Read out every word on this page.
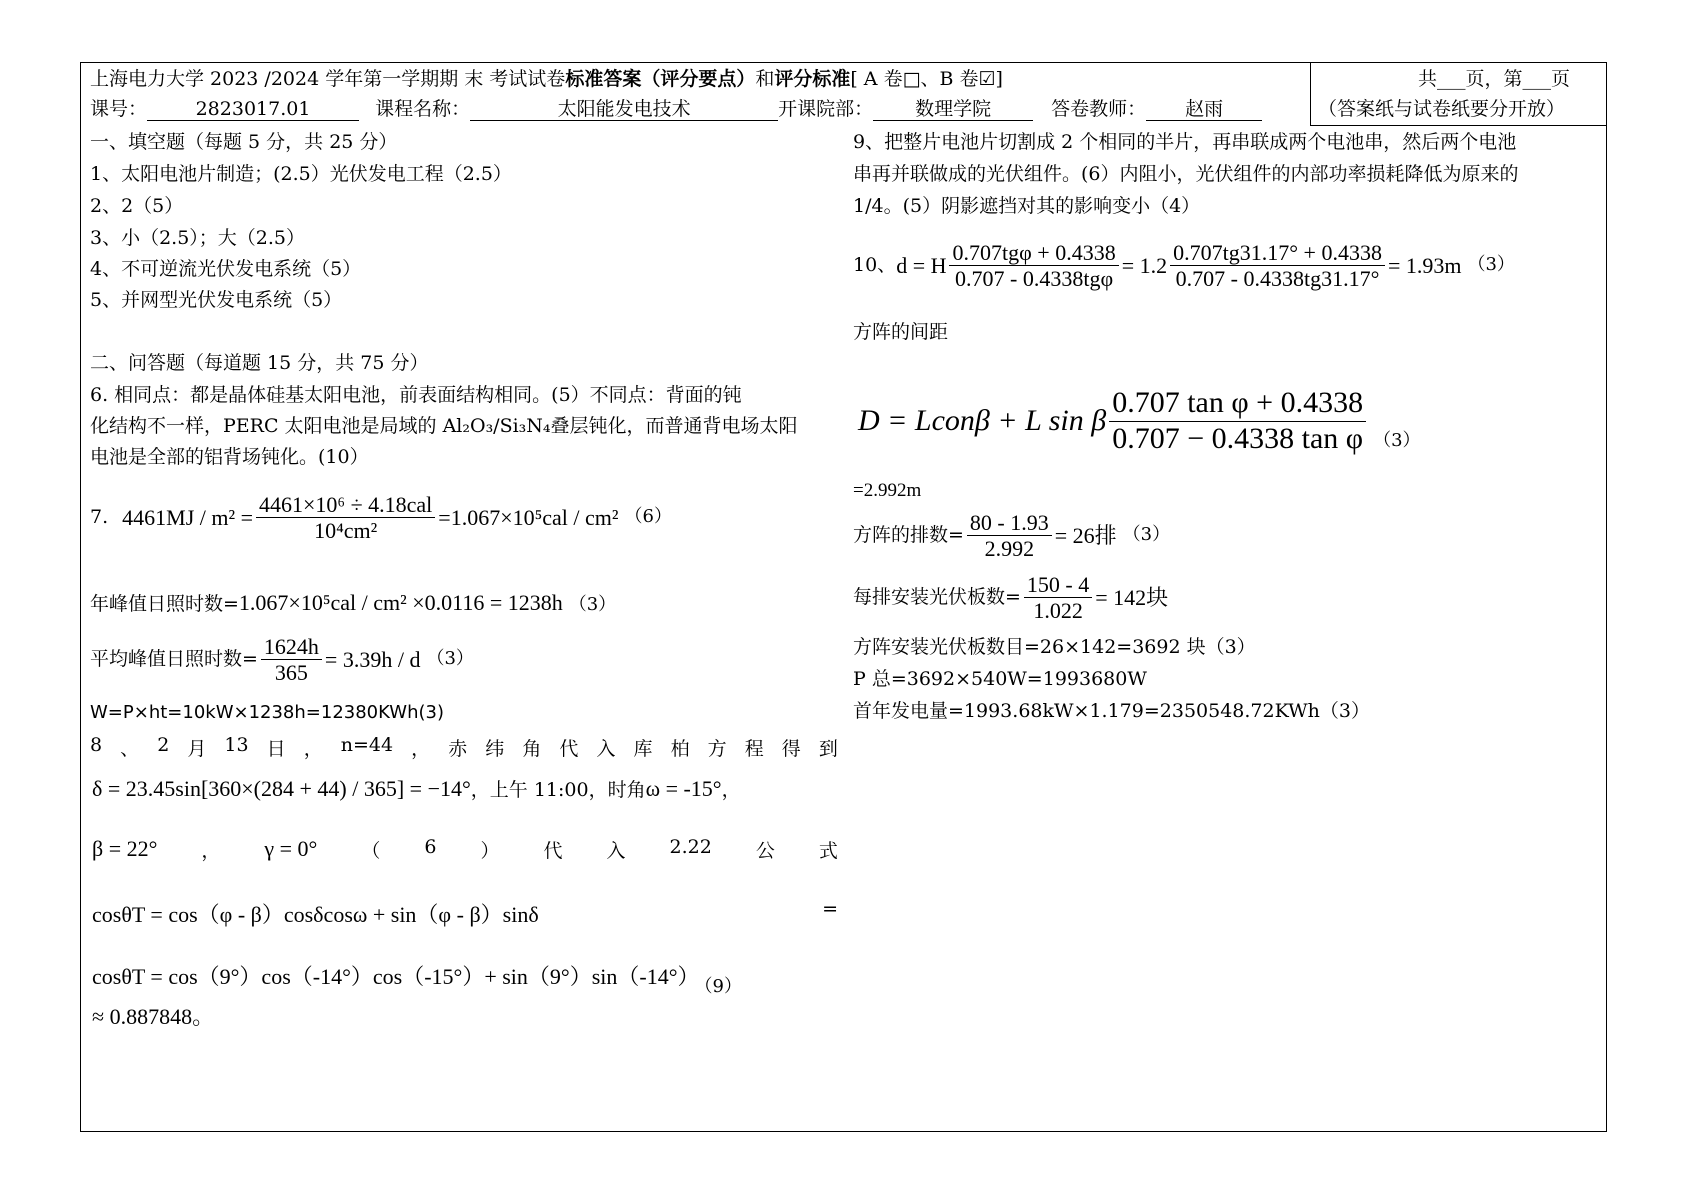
上海电力大学 2023 /2024 学年第一学期期 末 考试试卷标准答案（评分要点）和评分标准[ A 卷□、B 卷☑]	共___页，第___页
课号：	2823017.01	课程名称：	太阳能发电技术	开课院部： 数理学院	答卷教师： 赵雨	（答案纸与试卷纸要分开放）
一、填空题（每题 5 分，共 25 分）
1、太阳电池片制造；(2.5）光伏发电工程（2.5）
2、2（5）
3、小（2.5）；大（2.5）
4、不可逆流光伏发电系统（5）
5、并网型光伏发电系统（5）
二、问答题（每道题 15 分，共 75 分）
6. 相同点：都是晶体硅基太阳电池，前表面结构相同。(5）不同点：背面的钝
化结构不一样，PERC 太阳电池是局域的 Al₂O₃/Si₃N₄叠层钝化，而普通背电场太阳
电池是全部的铝背场钝化。(10）
7. $4461MJ / m^2 = \frac{\text{4461×10⁶ ÷ 4.18cal}}{\text{10⁴cm²}} =1.067\times 10^5cal / cm^2$ （6）
年峰值日照时数=1.067×10⁵cal / cm² ×0.0116 = 1238h （3）
平均峰值日照时数= $\frac{1624h}{365} = 3.39h / d$ （3）
W=P×ht=10kW×1238h=12380KWh(3)
8 、 2 月 13 日 ， n=44 ， 赤 纬 角 代 入 库 柏 方 程 得 到
δ = 23.45sin[360×(284 + 44) / 365] = −14°，上午 11:00，时角ω = -15°，
β = 22° ， γ = 0° （ 6 ） 代 入 2.22 公 式
cosθT = cos（φ - β）cosδcosω + sin（φ - β）sinδ	=
cosθT = cos（9°）cos（-14°）cos（-15°）+ sin（9°）sin（-14°） （9）
≈ 0.887848。
9、把整片电池片切割成 2 个相同的半片，再串联成两个电池串，然后两个电池
串再并联做成的光伏组件。(6）内阻小，光伏组件的内部功率损耗降低为原来的
1/4。(5）阴影遮挡对其的影响变小（4）
10、 d = H $\frac{\text{0.707tgφ + 0.4338}}{\text{0.707 - 0.4338tgφ}} = 1.2 \frac{0.707tg31.17^\circ + 0.4338}{0.707 - 0.4338tg31.17^\circ} = 1.93m$ （3）
方阵的间距
D = Lconβ + L sin β $\frac{\text{0.707 tan φ + 0.4338}}{\text{0.707 − 0.4338 tan φ}} (3)$
=2.992m
方阵的排数= $\frac{80 - 1.93}{2.992} = 26$排 （3）
每排安装光伏板数= $\frac{150 - 4}{1.022} = 142$块
方阵安装光伏板数目=26×142=3692 块（3）
P 总=3692×540W=1993680W
首年发电量=1993.68kW×1.179=2350548.72KWh（3）
